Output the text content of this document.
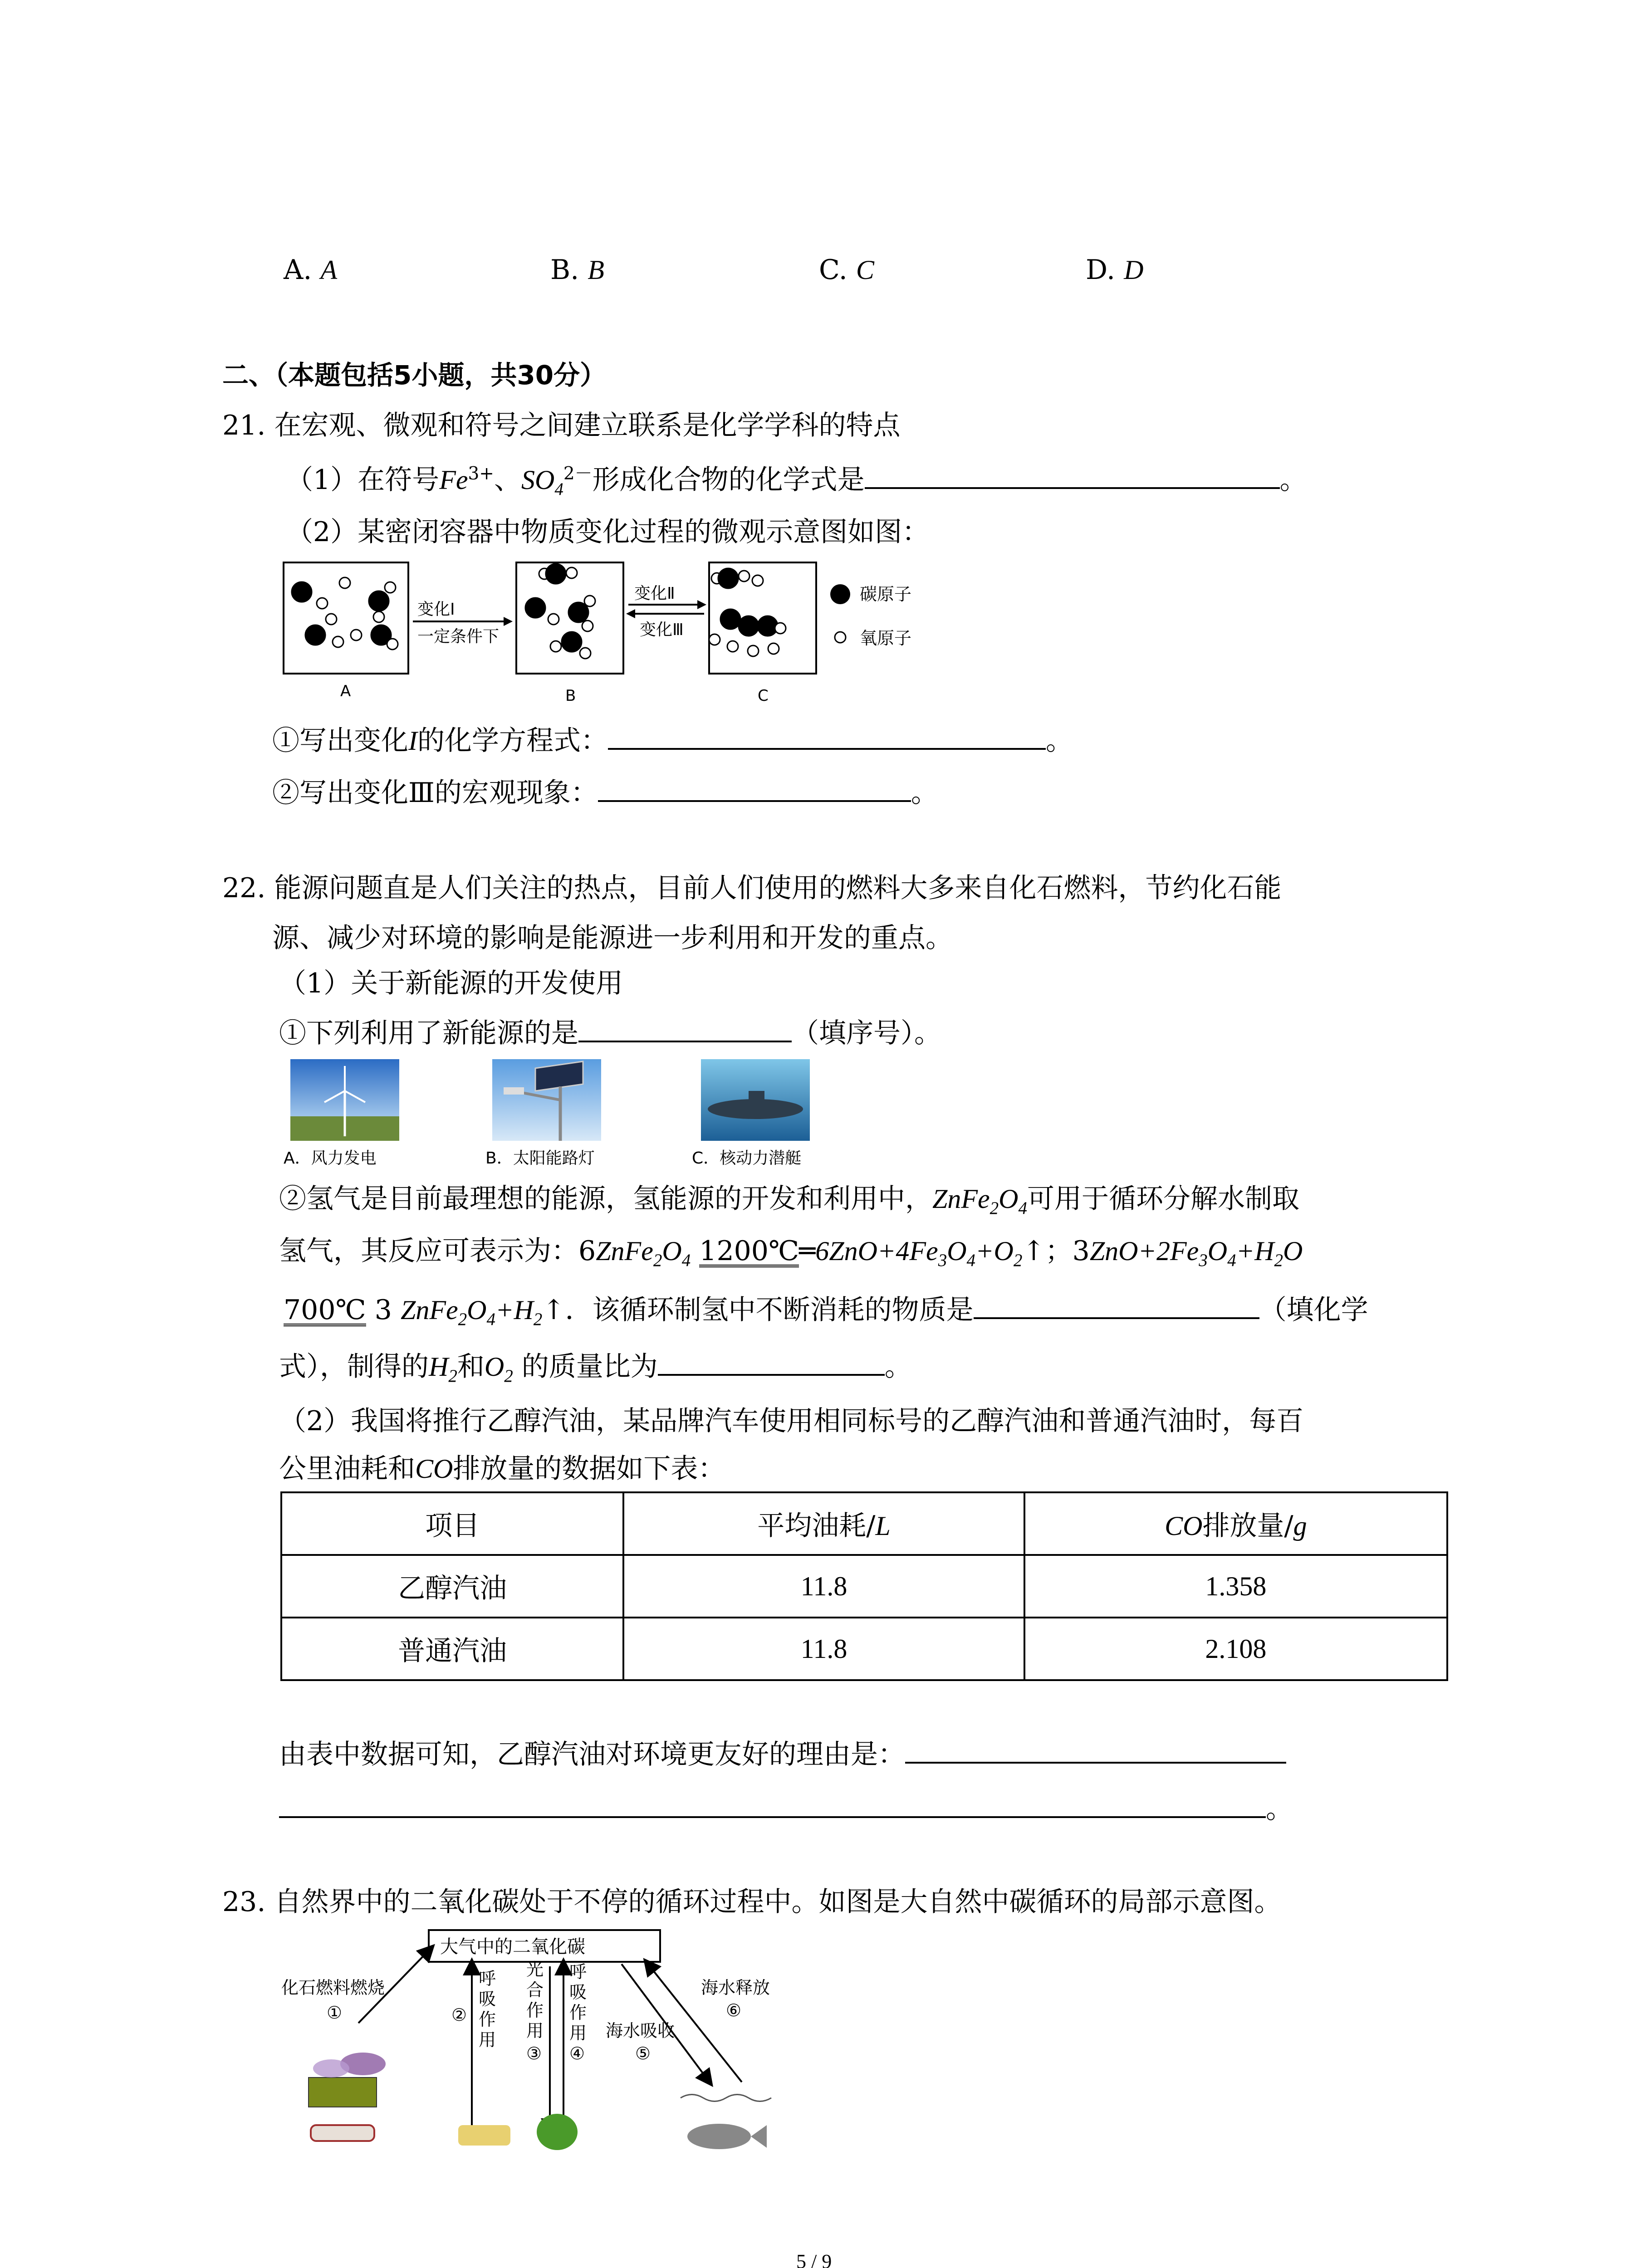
A. A	B. B	C. C	D. D
二、（本题包括5小题，共30分）
21. 在宏观、微观和符号之间建立联系是化学学科的特点
（1）在符号$Fe^{3+}$、$SO_4^{2-}$形成化合物的化学式是	。
（2）某密闭容器中物质变化过程的微观示意图如图：
变化Ⅰ
一定条件下
变化Ⅱ
变化Ⅲ
A	B	C
碳原子
氧原子
①写出变化I的化学方程式：	。
②写出变化Ⅲ的宏观现象：	。
22. 能源问题直是人们关注的热点，目前人们使用的燃料大多来自化石燃料，节约化石能
源、减少对环境的影响是能源进一步利用和开发的重点。
（1）关于新能源的开发使用
①下列利用了新能源的是	（填序号）。
A．风力发电	B．太阳能路灯	C．核动力潜艇
②氢气是目前最理想的能源，氢能源的开发和利用中，$ZnFe_2O_4$可用于循环分解水制取
氢气，其反应可表示为：$6ZnFe_2O_4$ $1200℃═6ZnO+4Fe_3O_4+O_2↑$；$3ZnO+2Fe_3O_4+H_2O$
700℃ 3 $ZnFe_2O_4+H_2↑$．该循环制氢中不断消耗的物质是	（填化学
式），制得的$H_2$和$O_2$ 的质量比为	。
（2）我国将推行乙醇汽油，某品牌汽车使用相同标号的乙醇汽油和普通汽油时，每百
公里油耗和CO排放量的数据如下表：
项目	平均油耗/L	CO排放量/g
乙醇汽油	11.8	1.358
普通汽油	11.8	2.108
由表中数据可知，乙醇汽油对环境更友好的理由是：
。
23. 自然界中的二氧化碳处于不停的循环过程中。如图是大自然中碳循环的局部示意图。
大气中的二氧化碳
化石燃料燃烧
①
呼
吸
作
用
②
光
合
作
用
③
呼
吸
作
用
④
海水吸收
⑤
海水释放
⑥
5 / 9
